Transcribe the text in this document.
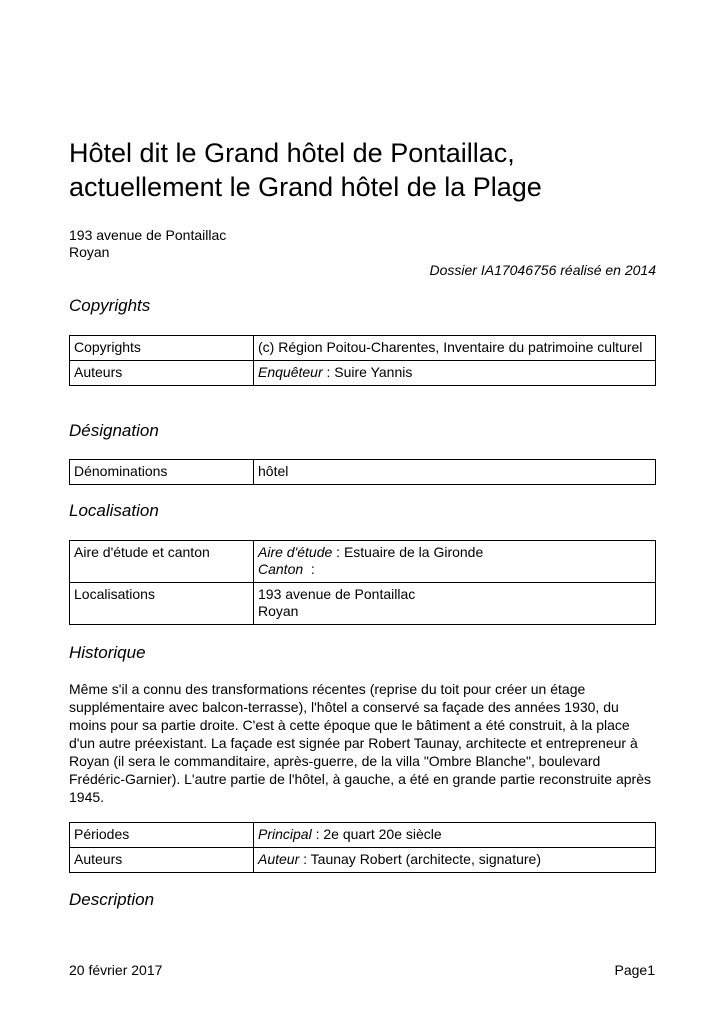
Hôtel dit le Grand hôtel de Pontaillac,
actuellement le Grand hôtel de la Plage
193 avenue de Pontaillac
Royan
Dossier IA17046756 réalisé en 2014
Copyrights
Copyrights	(c) Région Poitou-Charentes, Inventaire du patrimoine culturel
Auteurs	Enquêteur : Suire Yannis
Désignation
Dénominations	hôtel
Localisation
Aire d'étude et canton	Aire d'étude : Estuaire de la Gironde
Canton  :
Localisations	193 avenue de Pontaillac
Royan
Historique

Même s'il a connu des transformations récentes (reprise du toit pour créer un étage supplémentaire avec balcon-terrasse), l'hôtel a conservé sa façade des années 1930, du moins pour sa partie droite. C'est à cette époque que le bâtiment a été construit, à la place d'un autre préexistant. La façade est signée par Robert Taunay, architecte et entrepreneur à Royan (il sera le commanditaire, après-guerre, de la villa "Ombre Blanche", boulevard Frédéric-Garnier). L'autre partie de l'hôtel, à gauche, a été en grande partie reconstruite après 1945.

Périodes	Principal : 2e quart 20e siècle
Auteurs	Auteur : Taunay Robert (architecte, signature)
Description
20 février 2017	Page1
